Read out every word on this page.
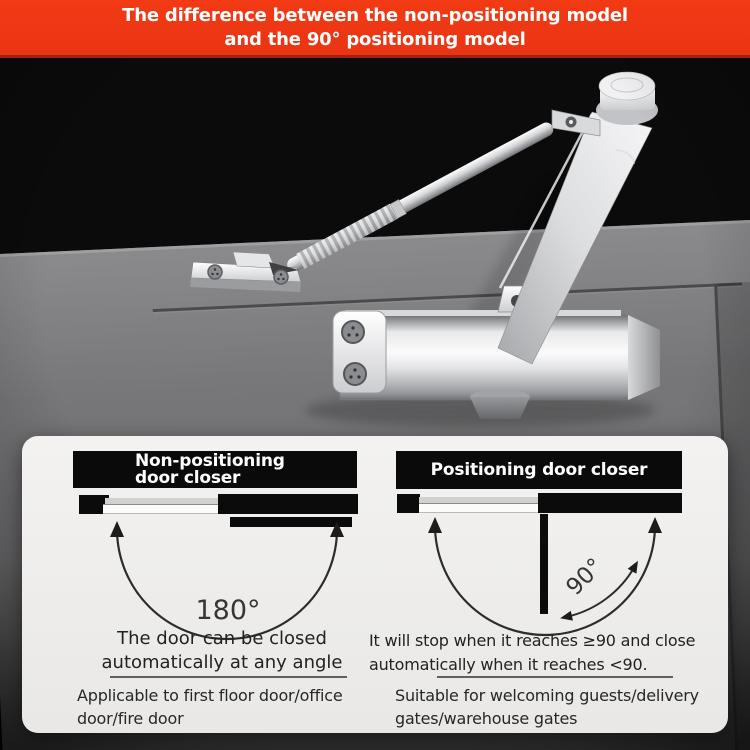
The difference between the non-positioning model
and the 90° positioning model
Non-positioning
door closer
180°
The door can be closed
automatically at any angle
Applicable to first floor door/office
door/fire door
Positioning door closer
90°
It will stop when it reaches ≥90 and close
automatically when it reaches <90.
Suitable for welcoming guests/delivery
gates/warehouse gates
